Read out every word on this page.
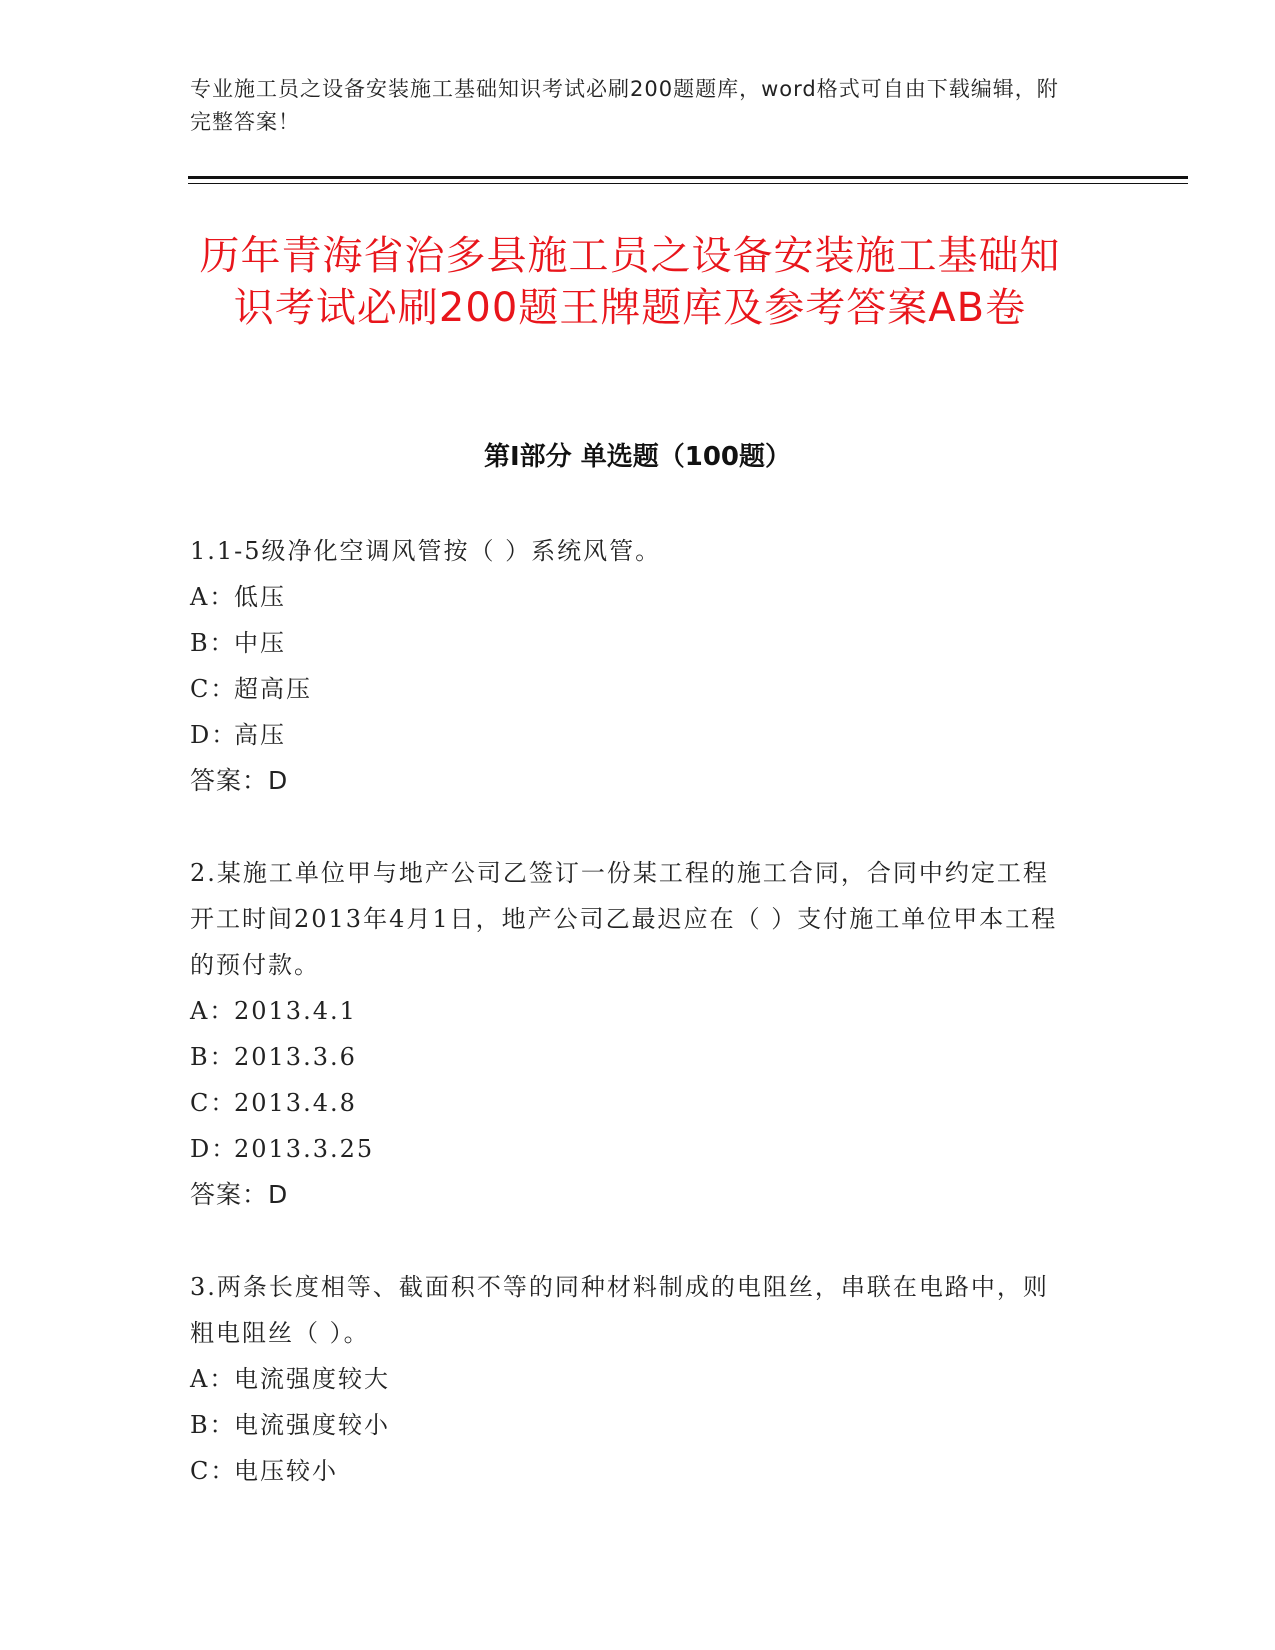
专业施工员之设备安装施工基础知识考试必刷200题题库，word格式可自由下载编辑，附完整答案！
历年青海省治多县施工员之设备安装施工基础知识考试必刷200题王牌题库及参考答案AB卷
第Ⅰ部分 单选题（100题）

1.1-5级净化空调风管按（ ）系统风管。

A：低压

B：中压

C：超高压

D：高压

答案：D

2.某施工单位甲与地产公司乙签订一份某工程的施工合同，合同中约定工程开工时间2013年4月1日，地产公司乙最迟应在（ ）支付施工单位甲本工程的预付款。

A：2013.4.1

B：2013.3.6

C：2013.4.8

D：2013.3.25

答案：D

3.两条长度相等、截面积不等的同种材料制成的电阻丝，串联在电路中，则粗电阻丝（ ）。

A：电流强度较大

B：电流强度较小

C：电压较小
